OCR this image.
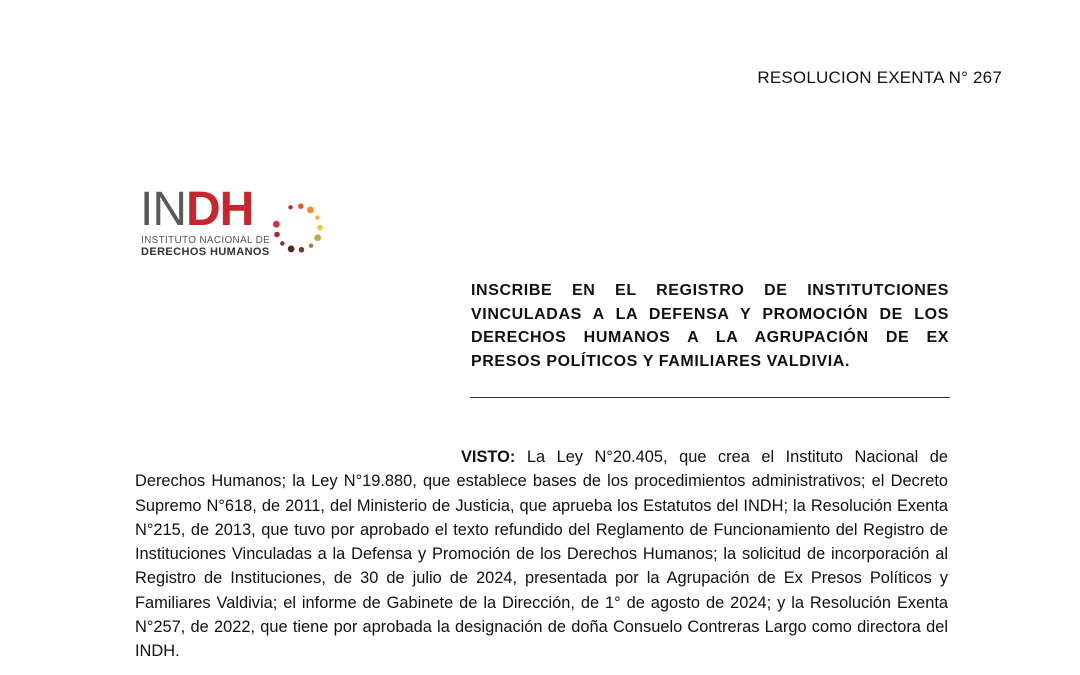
RESOLUCION EXENTA N° 267
INDH
INSTITUTO NACIONAL DE
DERECHOS HUMANOS
INSCRIBE EN EL REGISTRO DE INSTITUTCIONES VINCULADAS A LA DEFENSA Y PROMOCIÓN DE LOS DERECHOS HUMANOS A LA AGRUPACIÓN DE EX PRESOS POLÍTICOS Y FAMILIARES VALDIVIA.

VISTO: La Ley N°20.405, que crea el Instituto Nacional de Derechos Humanos; la Ley N°19.880, que establece bases de los procedimientos administrativos; el Decreto Supremo N°618, de 2011, del Ministerio de Justicia, que aprueba los Estatutos del INDH; la Resolución Exenta N°215, de 2013, que tuvo por aprobado el texto refundido del Reglamento de Funcionamiento del Registro de Instituciones Vinculadas a la Defensa y Promoción de los Derechos Humanos; la solicitud de incorporación al Registro de Instituciones, de 30 de julio de 2024, presentada por la Agrupación de Ex Presos Políticos y Familiares Valdivia; el informe de Gabinete de la Dirección, de 1° de agosto de 2024; y la Resolución Exenta N°257, de 2022, que tiene por aprobada la designación de doña Consuelo Contreras Largo como directora del INDH.
